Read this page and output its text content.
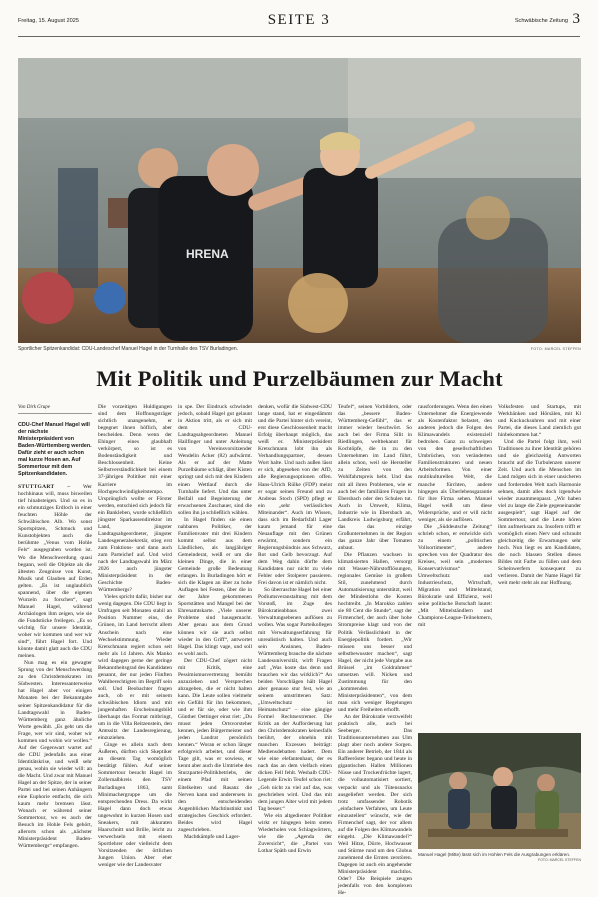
Freitag, 15. August 2025	SEITE 3	Schwäbische Zeitung 3
HRENA
Sportlicher Spitzenkandidat: CDU-Landeschef Manuel Hagel in der Turnhalle des TSV Burladingen.	FOTO: MARCEL STEFFEN
Mit Politik und Purzelbäumen zur Macht
Von Dirk Grupe
CDU-Chef Manuel Hagel will der nächste Ministerpräsident von Baden-Württemberg werden. Dafür zieht er auch schon mal kurze Hosen an. Auf Sommertour mit dem Spitzenkandidaten.

STUTTGART – Wer hochhinaus will, muss bisweilen tief hinabsteigen. Und so es in ein schmutziges Erdloch in einer feuchten Höhle der Schwäbischen Alb. Wo sonst Sportspitzen, Schmuck und Kunstobjekten auch die berühmte „Venus vom Hohle Fels“ ausgegraben worden ist. Wo die Menschwerdung quasi begann, weil die Objekte als die ältesten Zeugnisse von Kunst, Musik und Glauben auf Erden gelten. „Es ist unglaublich spannend, über die eigenen Wurzeln zu forschen“, sagt Manuel Hagel, während Archäologen ihm zeigen, wie sie die Fundstücke freilegen. „Es so wichtig für unsere Identität, woher wir kommen und wer wir sind“, führt Hagel fort. Und könnte damit glatt auch die CDU meinen.

Nun mag es ein gewagter Sprung von der Menschwerdung zu den Christdemokraten im Südwesten. Interessanterweise hat Hagel aber vor einigen Monaten bei der Bekanntgabe seiner Spitzenkandidatur für die Landtagswahl in Baden-Württemberg ganz ähnliche Worte gewählt. „Es geht um die Frage, wer wir sind, woher wir kommen und wohin wir wollen.“ Auf der Gegenwart wartet auf die CDU jedenfalls aus einer Identitätskrise, und weiß sehr genau, wohin sie wieder will: an die Macht. Und zwar mit Manuel Hagel an der Spitze, der in seiner Partei und bei seinen Anhängern eine Euphorie entfacht, die sich kaum mehr bremsen lässt. Wonach er während seiner Sommertour, wo es auch der Besuch im Hohle Fels gehört, allerorts schon als „nächster Ministerpräsident Baden-Württembergs“ empfangen.

Die vorzeitigen Huldigungen sind dem Hoffnungsträger sichtlich unangenehm, er begegnet ihnen höflich, aber bescheiden. Denn wenn der Ehinger eines glaubhaft verkörpert, so ist es Bodenständigkeit und Beschlossenheit. Keine Selbstverständlichkeit bei einem 37-jährigen Politiker mit einer Karriere im Hochgeschwindigkeitstempo. Ursprünglich wollte er Förster werden, entschied sich jedoch für ein Bankleben, wurde schließlich jüngster Sparkassendirektor im Land, jüngster Landtagsabgeordneter, jüngster Landesgeneralsekretär, stieg erst zum Fraktions- und dann auch zum Parteichef auf. Und wird nach der Landtagswahl im März 2026 auch jüngster Ministerpräsident in der Geschichte Baden-Württembergs?

Vieles spricht dafür, bisher nur wenig dagegen. Die CDU liegt in Umfragen seit Monaten stabil an Position Nummer eins, die Grünen, im Land herrscht allem Anschein nach eine Wechselstimmung. Wieder Kretschmann regiert schon seit mehr als 14 Jahren. Als Manko wird dagegen gerne der geringe Bekanntheitsgrad des Kandidaten genannt, der nur jeden Fünften Wahlberechtigten im Begriff sein soll. Und Beobachter fragen auch, ob er mit seinem schwäbischen Idiom und mit jungenhaften Erscheinungsbild überhaupt das Format mitbringt, um in die Villa Reitzenstein, den Amtssitz der Landesregierung, einzuziehen.

Ginge es allein nach dem Äußeren, dürften sich Skeptiker an diesem Tag womöglich bestätigt fühlen. Auf seiner Sommertour besucht Hagel im Zollernalbkreis den TSV Burladingen 1863, samt Minimachergruppe um die entsprechenden Dress. Da wirkt Hagel dann doch etwas ungewohnt in kurzen Hosen und Sneakers, mit akkuraten Haarschnitt und Brille, leicht zu verwechseln mit einem Sportlehrer oder vielleicht dem Vorsitzenden der örtlichen Jungen Union. Aber eher weniger wie der Landesvater

in spe. Der Eindruck schwindet jedoch, sobald Hagel gut gelaunt in Aktion tritt, als er sich mit dem CDU-Landtagsabgeordneten Manuel Hailfinger und unter Anleitung von Vereinsvorsitzender Wendelin Acker (82) aufwärmt. Als er auf der Matte Purzelbäume schlägt, über Kisten springt und sich mit den Kindern einen Wettlauf durch die Turnhalle liefert. Und das unter Beifall und Begeisterung der erwachsenen Zuschauer, sind die sollen ihn ja schließlich wählen.

In Hagel finden sie einen nahbaren Politiker, der Familienvater mit drei Kindern kommt selbst aus dem Ländlichen, als langjähriger Gemeinderat, weiß er um die kleinen Dinge, die in einer Gemeinde große Bedeutung erlangen. In Burladingen hört er sich die Klagen an über zu hohe Auflagen bei Festen, über die in der Jahre gekommenen Sportstätten und Mangel bei der Ehrenamtskarte. „Viele unserer Probleme sind hausgemacht. Aber genau aus dem Grund können wir sie auch selbst wieder in den Griff“, antwortet Hagel. Das klingt vage, und soll es wohl auch.

Der CDU-Chef zögert nicht mit Kritik, eine Pessimismusvertretung bemüht anzuziehen und Versprechen abzugeben, die er nicht halten kann. Die Leute sollen vielmehr ein Gefühl für ihn bekommen, und er für sie, oder wie ihm Günther Oettinger einst riet: „Du musst jeden Ortsvorsteher kennen, jeden Bürgermeister und jeden Landrat persönlich kennen.“ Woran er schon länger erfolgreich arbeitet, und dieser Tage gilt, was er sowieso, er kennt aber auch die Umtriebe des Sturzpartei-Politikbetriebs, der einem Pfad mit seinen Eitelkeiten und Rasanz die Nerven kann und anderersets in den entscheidenden Augenblicken Machtinstinkt und strategisches Geschick erfordert. Beides wird Hagel zugeschrieben.

Machtkämpfe und Lager-

denken, wofür die Südwest-CDU lange stand, hat er eingedämmt und die Partei hinter sich vereint, erst diese Geschlossenheit macht Erfolg überhaupt möglich, das weiß er. Ministerpräsident Kretschmann lobt ihn als Verhandlungspartner, dessen Wort halte. Und nach außen lässt er sich, abgesehen von der AfD, alle Regierungsoptionen offen. Hans-Ulrich Rülke (FDP) meint er sogar seinen Freund und zu Andreas Stoch (SPD) pflegt er ein „sehr verlässliches Miteinander“. Auch im Wissen, dass sich im Bedarfsfall Lager kaum jemand für eine Neuauflage mit den Grünen erwärmt, sondern ein Regierungsbündnis aus Schwarz, Rot und Gelb bevorzugt. Auf dem Weg dahin dürfte dem Kandidaten nur nicht zu viele Fehler oder Stolperer passieren. Frei davon ist er nämlich nicht.

So überraschte Hagel bei einer Podiumsveranstaltung mit dem Vorstoß, im Zuge des Bürokratieabbaus zwei Verwaltungsebenen auflösen zu wollen. Was sogar Parteikollegen mit Verwaltungserfahrung für unrealistisch halten. Und auch sein Ansinnen, Baden-Württemberg brauche die nächste Landesuniversität, wirft Fragen auf: „Was koste das denn und brauchen wir das wirklich?“ An beiden Vorschlägen hält Hagel aber genauso stur fest, wie an seinem umstrittenen Satz: „Umweltschutz ist Heimatschutz“ – eine gängige Formel Rechtsextremer. Die Kritik an der Aufforderung hat den Christdemokraten keinesfalls berührt, der ohnehin mit manchen Exzessen beiträgt: Mediensdebatten hadert. Dem wie eine elefantenhaut, der es nach das an dem vielfach einen dicken Fell fehlt. Weshalb CDU-Legende Erwin Teufel schon riet: „Geh nicht zu viel auf das, was geschrieben wird. Und das mit dem jungen Alter wird mit jedem Tag besser.“

Wie ein altgedienter Politiker wirkt er hingegen beim steten Wiederholen von Schlagwörtern, wie die „Agenda der Zuversicht“, die „Partei von Lothar Späth und Erwin

Teufel“, seinen Vorbildern, oder das „bessere Baden-Württemberg-Gefühl“, das er immer wieder beschwört. So auch bei der Firma Silit in Riedlingen, weltbekannt für Kochtöpfe, die in zu den Unternehmen im Land führt, allein schon, weil sie Hersteller zu Zeiten von den Wohlfahrtspreis hebt. Und das mit all ihren Problemen, wie er auch bei der familiären Fragen in Ebersbach oder den Schulen tut. Auch in Umwelt, Klima, Industrie wie in Ebersbach an, Landkreis Ludwigsburg erfährt, das das einzige Großunternehmen in der Region das ganze Jahr über Tomaten anbaut.

Die Pflanzen wachsen in klimatisierten Hallen, versorgt mit Wasser-Nährstofflösungen, regionales Gemüse in großem Stil, zunehmend durch Automatisierung unterstützt, weil der Mindestlohn die Kosten hochtreibt. „In Marokko zahlen sie 80 Cent die Stunde“, sagt der Firmenchef, der auch über hohe Strompreise klagt und von der Politik Verlässlichkeit in der Energiepolitik fordert. „Wir müssen uns besser und selbstbewusster machen“, sagt Hagel, der nicht jede Vorgabe aus Brüssel „im Goldrahmen“ umsetzen will. Nicken und Zustimmung für den „kommenden Ministerpräsidenten“, von dem man sich weniger Regelungen und mehr Freiheiten erhofft.

An der Bürokratie verzweifelt praktisch alle, auch bei Seeberger. Das Traditionsunternehmen aus Ulm plagt aber noch andere Sorgen. Ein anderer Betrieb, der 1844 als Raffeeröster begann und heute in gigantischen Hallen Millionen Nüsse und Trockenfrüchte lagert, die vollautomatisiert sortiert, verpackt und als Tütensnacks ausgeliefert werden. Der sich trotz umfassender Robotik „einfachere Verfahren, um Leute einzustellen“ wünscht, wie der Firmenchef sagt, der vor allem auf die Folgen des Klimawandels eingeht. „Die Klimawandel?“ Weil Hitze, Dürre, Hochwasser und Stürme rund um den Globus zunehmend die Ernten zerstören. Dagegen ist auch ein angehender Ministerpräsident machtlos. Oder? Die Beispiele zeugen jedenfalls von den komplexen He-

rausforderungen. Wenn den einen Unternehmer die Energiewende als Kostenfaktor belastet, den anderen jedoch die Folgen des Klimawandels existenziell bedrohen. Ganz zu schweigen von den gesellschaftlichen Umbrüchen, von veränderten Familienstrukturen und neuen Arbeitsformen. Von einer multikulturellen Welt, die manche fürchten, andere hingegen als Überlebensgarantie für ihre Firma sehen. Manuel Hagel weiß um diese Widersprüche, und er will nicht weniger, als sie auflösen.

Die „Süddeutsche Zeitung“ schrieb schon, er entwickle sich zu einem „politischen Vollsortimenter“, andere sprechen von der Quadratur des Kreises, weil sein „modernes Konservativismus“ Umweltschutz und Industrieschutz, Wirtschaft, Migration und Mittelstand, Bürokratie und Effizienz, weil seine politische Botschaft lautet: „Mit Mittelständlern und Champions-League-Teilnehmern, mit

Volksfesten und Startups, mit Werkbänken und Hörsälen, mit Kl und Kuckucksuhren und mit einer Partei, die dieses Land ziemlich gut hinbekommen hat.“

Und die Partei folgt ihm, weil Traditionen zu ihrer Identität gehören und sie gleichzeitig Antworten braucht auf die Turbulenzen unserer Zeit. Und auch die Menschen im Land mögen sich in einer unsicheren und fordernden Welt nach Harmonie sehnen, damit alles doch irgendwie wieder zusammenpasst. „Wir haben viel zu lange die Ziele gegeneinander ausgespielt“, sagt Hagel auf der Sommertour, und die Leute hören ihm aufmerksam zu. Insofern trifft er womöglich einen Nerv und schraubt gleichzeitig die Erwartungen sehr hoch. Nun liegt es am Kandidaten, die noch blassen Stellen dieses Bildes mit Farbe zu füllen und dem Scheinwerfern konsequent zu verlieren. Damit der Name Hagel für weit mehr steht als nur Hoffnung.

Manuel Hagel (Mitte) lässt sich im Hohlen Fels die Ausgrabungen erklären.
FOTO: MARCEL STEFFEN
